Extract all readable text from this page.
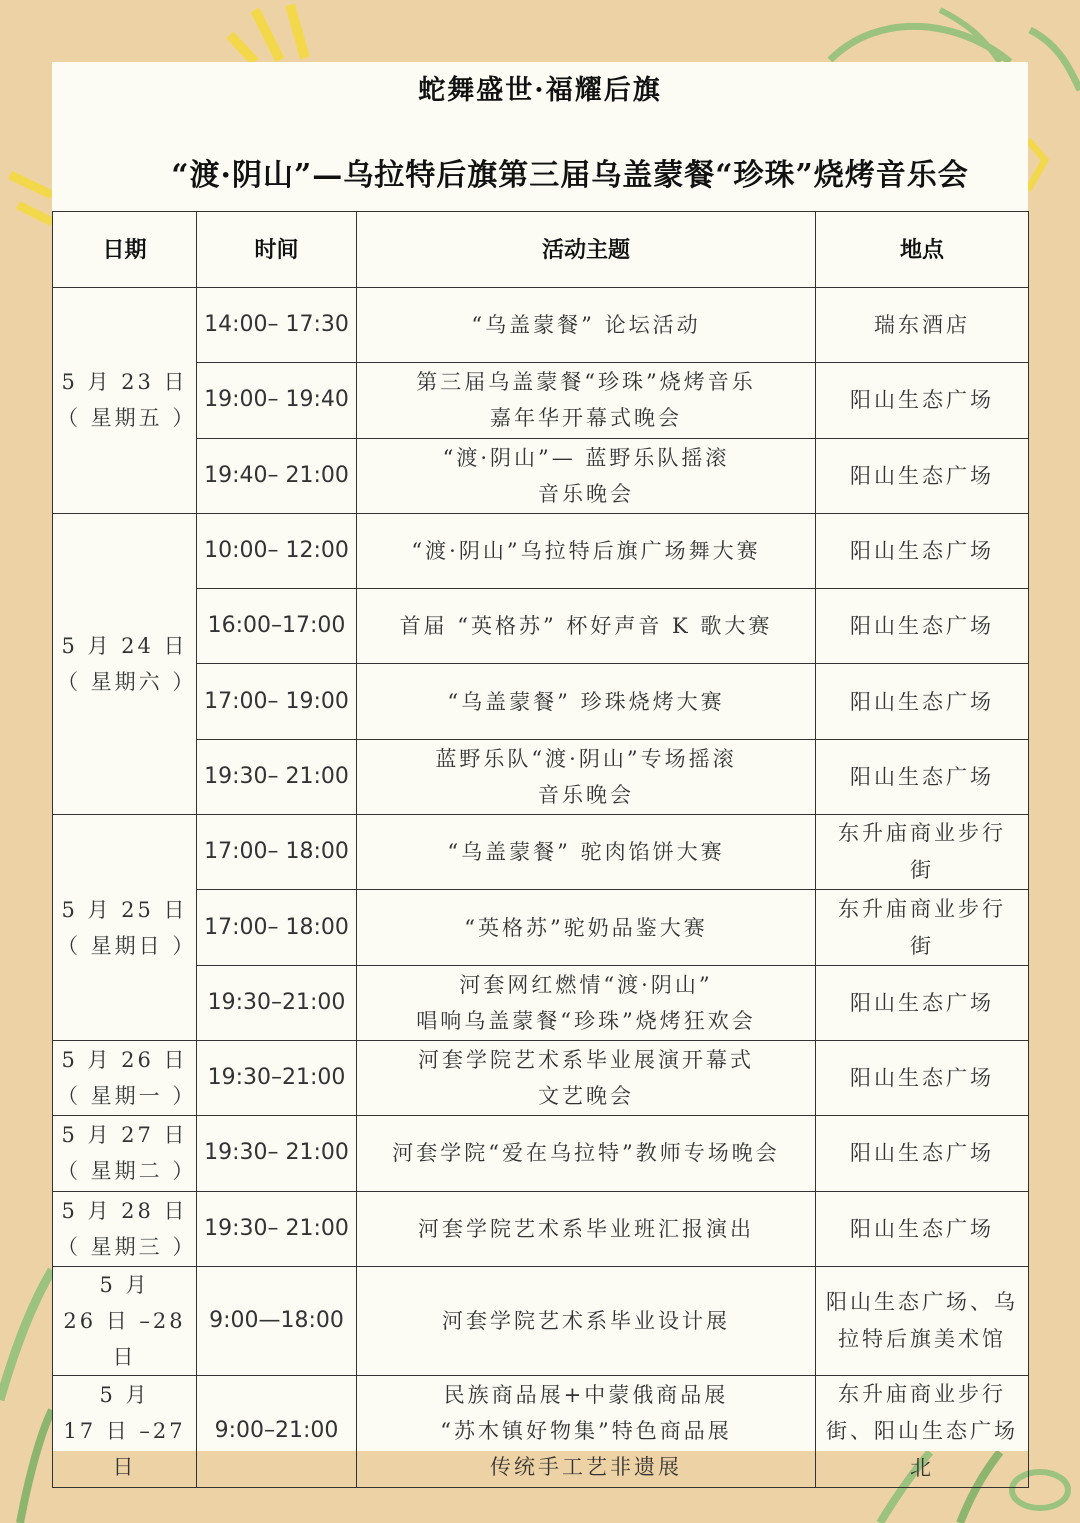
蛇舞盛世·福耀后旗
“渡·阴山”—乌拉特后旗第三届乌盖蒙餐“珍珠”烧烤音乐会
日期	时间	活动主题	地点

5 月 23 日
（ 星期五 ）	14:00– 17:30	“乌盖蒙餐” 论坛活动	瑞东酒店

	19:00– 19:40	第三届乌盖蒙餐“珍珠”烧烤音乐
嘉年华开幕式晚会	阳山生态广场

	19:40– 21:00	“渡·阴山”— 蓝野乐队摇滚
音乐晚会	阳山生态广场

5 月 24 日
（ 星期六 ）	10:00– 12:00	“渡·阴山”乌拉特后旗广场舞大赛	阳山生态广场

	16:00–17:00	首届 “英格苏” 杯好声音 K 歌大赛	阳山生态广场

	17:00– 19:00	“乌盖蒙餐” 珍珠烧烤大赛	阳山生态广场

	19:30– 21:00	蓝野乐队“渡·阴山”专场摇滚
音乐晚会	阳山生态广场

5 月 25 日
（ 星期日 ）	17:00– 18:00	“乌盖蒙餐” 驼肉馅饼大赛	东升庙商业步行
街

	17:00– 18:00	“英格苏”驼奶品鉴大赛	东升庙商业步行
街

	19:30–21:00	河套网红燃情“渡·阴山”
唱响乌盖蒙餐“珍珠”烧烤狂欢会	阳山生态广场

5 月 26 日
（ 星期一 ）	19:30–21:00	河套学院艺术系毕业展演开幕式
文艺晚会	阳山生态广场

5 月 27 日
（ 星期二 ）	19:30– 21:00	河套学院“爱在乌拉特”教师专场晚会	阳山生态广场

5 月 28 日
（ 星期三 ）	19:30– 21:00	河套学院艺术系毕业班汇报演出	阳山生态广场

5 月
26 日 –28 日	9:00—18:00	河套学院艺术系毕业设计展	阳山生态广场、乌
拉特后旗美术馆

5 月
17 日 –27 日	9:00–21:00	民族商品展+中蒙俄商品展
“苏木镇好物集”特色商品展
传统手工艺非遗展	东升庙商业步行
街、阳山生态广场
北
